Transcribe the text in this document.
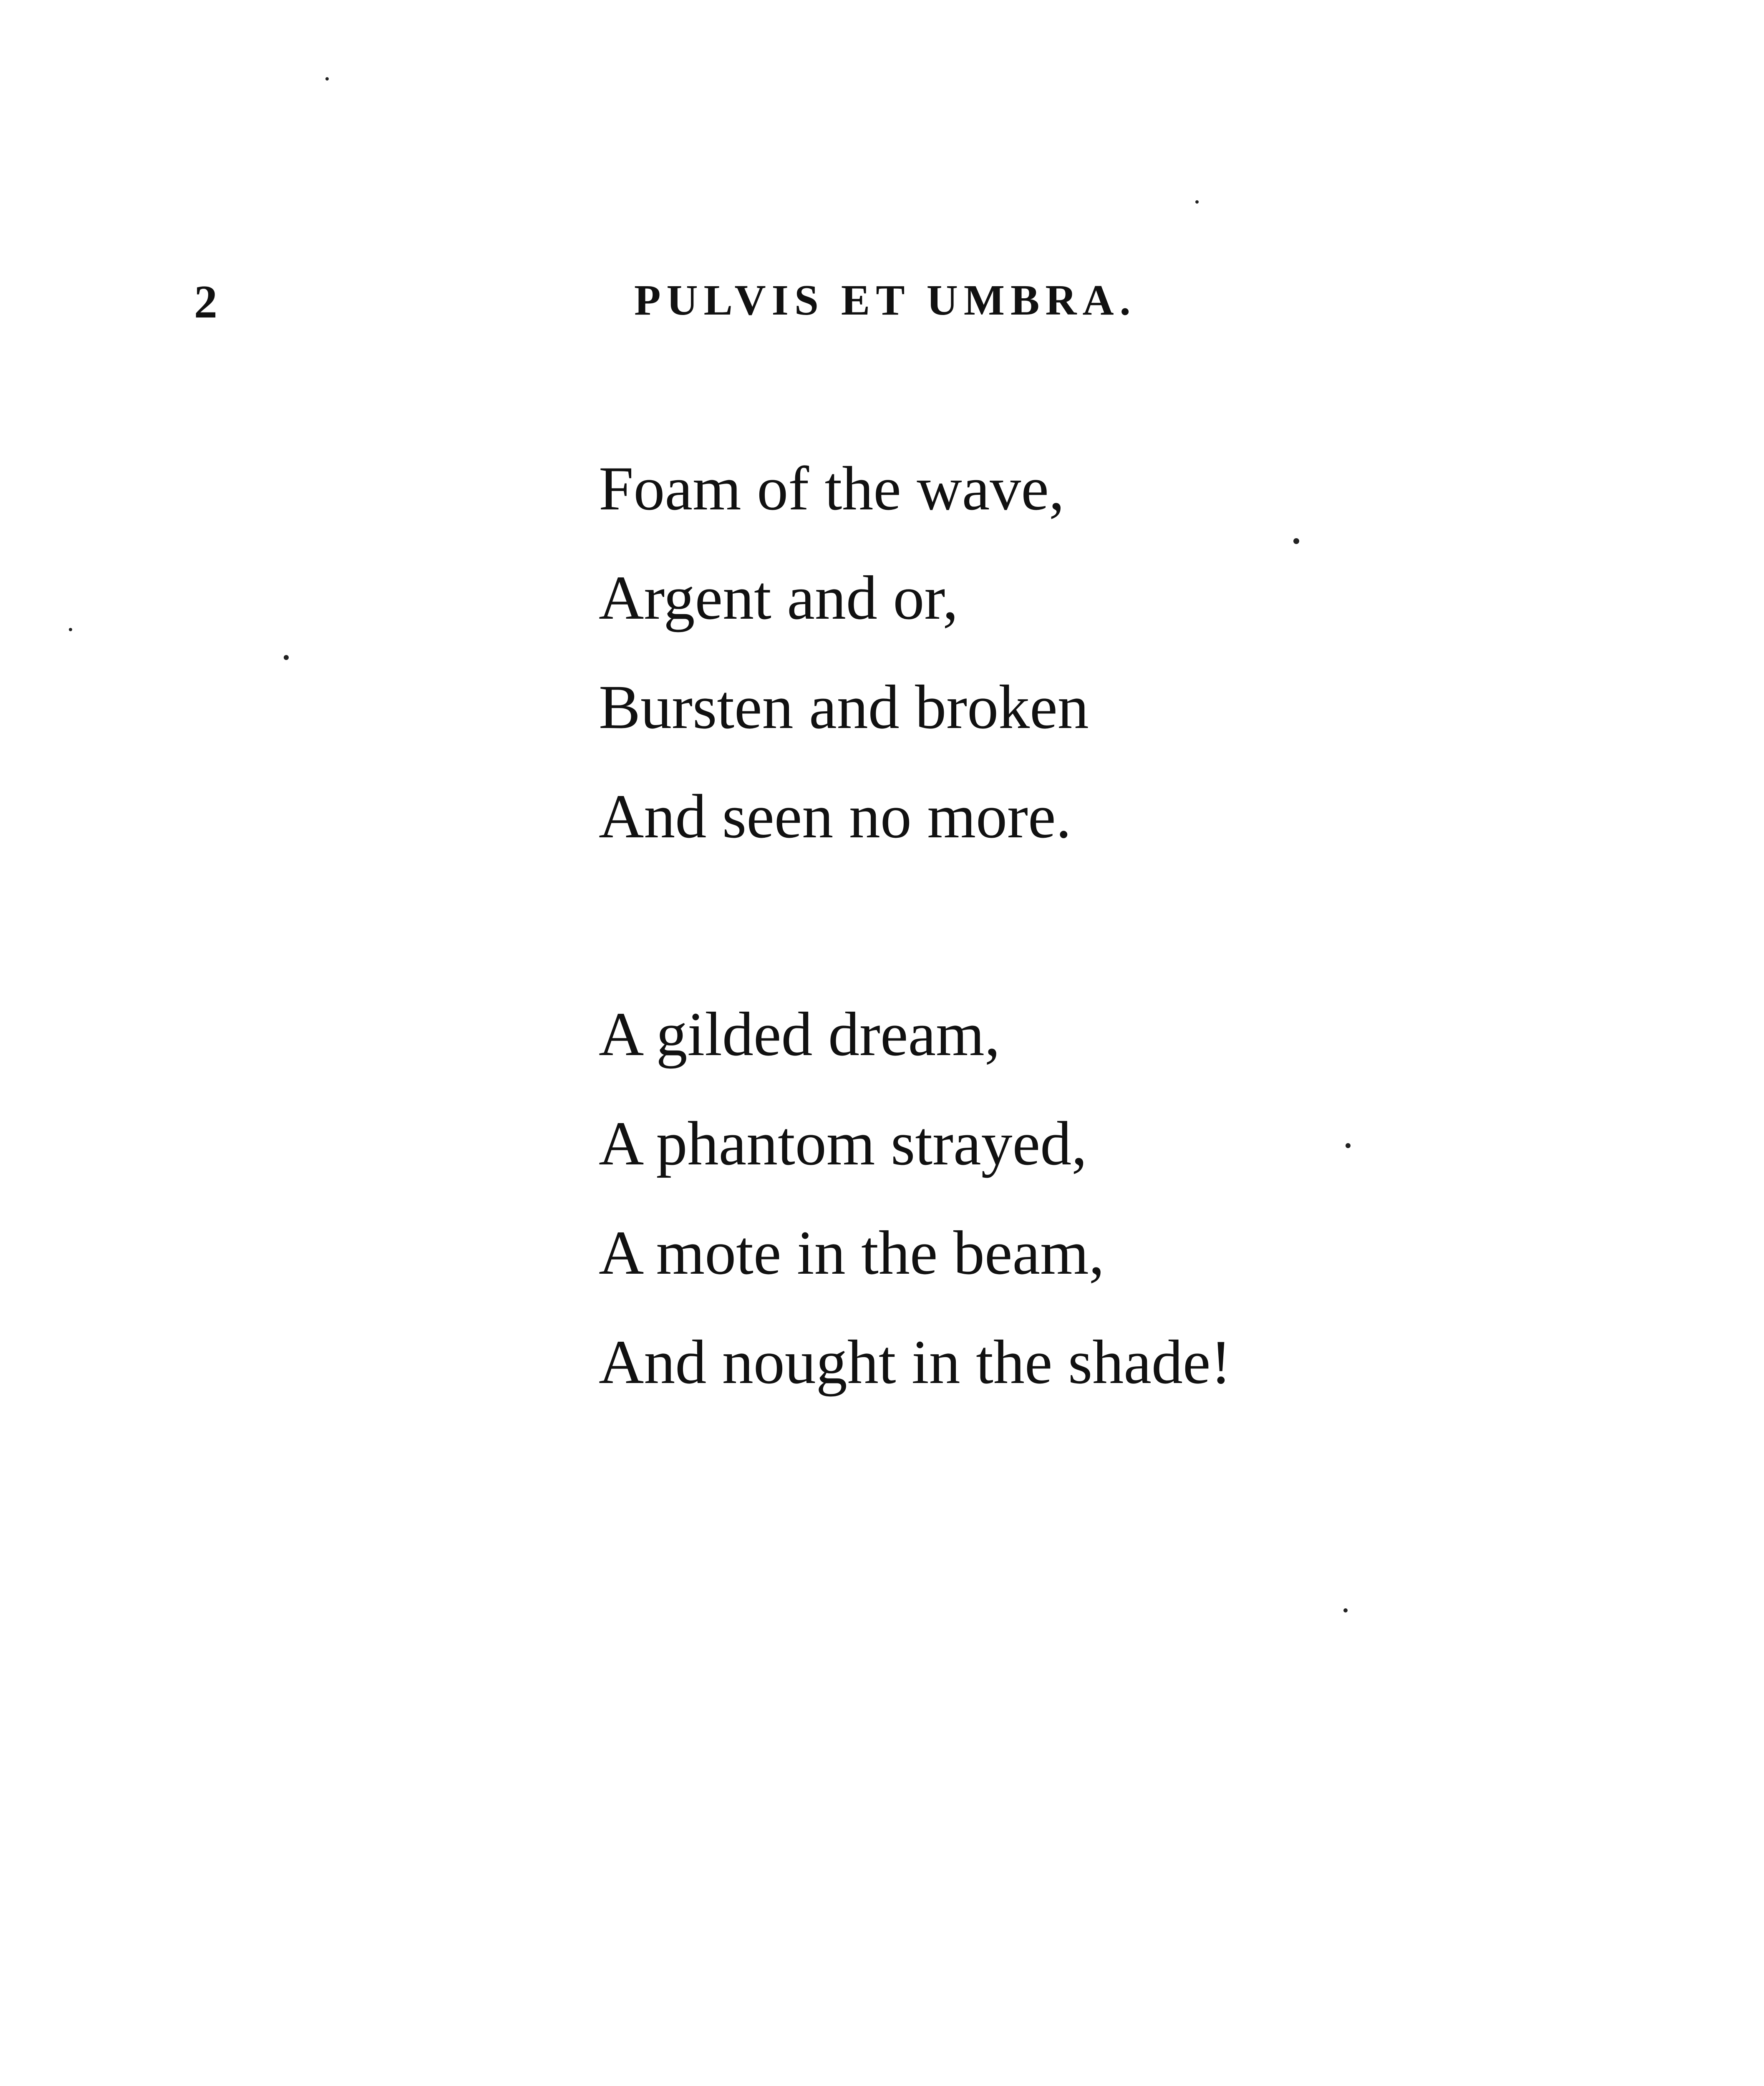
2	PULVIS ET UMBRA.
Foam of the wave,
Argent and or,
Bursten and broken
And seen no more.
A gilded dream,
A phantom strayed,
A mote in the beam,
And nought in the shade!
